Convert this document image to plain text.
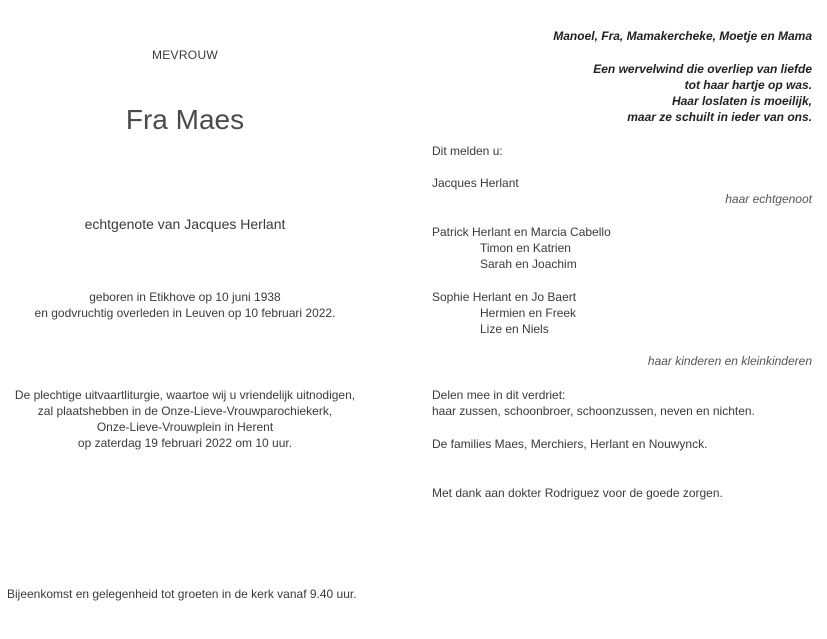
MEVROUW
Fra Maes
echtgenote van Jacques Herlant
geboren in Etikhove op 10 juni 1938
en godvruchtig overleden in Leuven op 10 februari 2022.
De plechtige uitvaartliturgie, waartoe wij u vriendelijk uitnodigen,
zal plaatshebben in de Onze-Lieve-Vrouwparochiekerk,
Onze-Lieve-Vrouwplein in Herent
op zaterdag 19 februari 2022 om 10 uur.
Bijeenkomst en gelegenheid tot groeten in de kerk vanaf 9.40 uur.
Manoel, Fra, Mamakercheke, Moetje en Mama
Een wervelwind die overliep van liefde
tot haar hartje op was.
Haar loslaten is moeilijk,
maar ze schuilt in ieder van ons.
Dit melden u:
Jacques Herlant
haar echtgenoot
Patrick Herlant en Marcia Cabello
Timon en Katrien
Sarah en Joachim
Sophie Herlant en Jo Baert
Hermien en Freek
Lize en Niels
haar kinderen en kleinkinderen
Delen mee in dit verdriet:
haar zussen, schoonbroer, schoonzussen, neven en nichten.
De families Maes, Merchiers, Herlant en Nouwynck.
Met dank aan dokter Rodriguez voor de goede zorgen.
